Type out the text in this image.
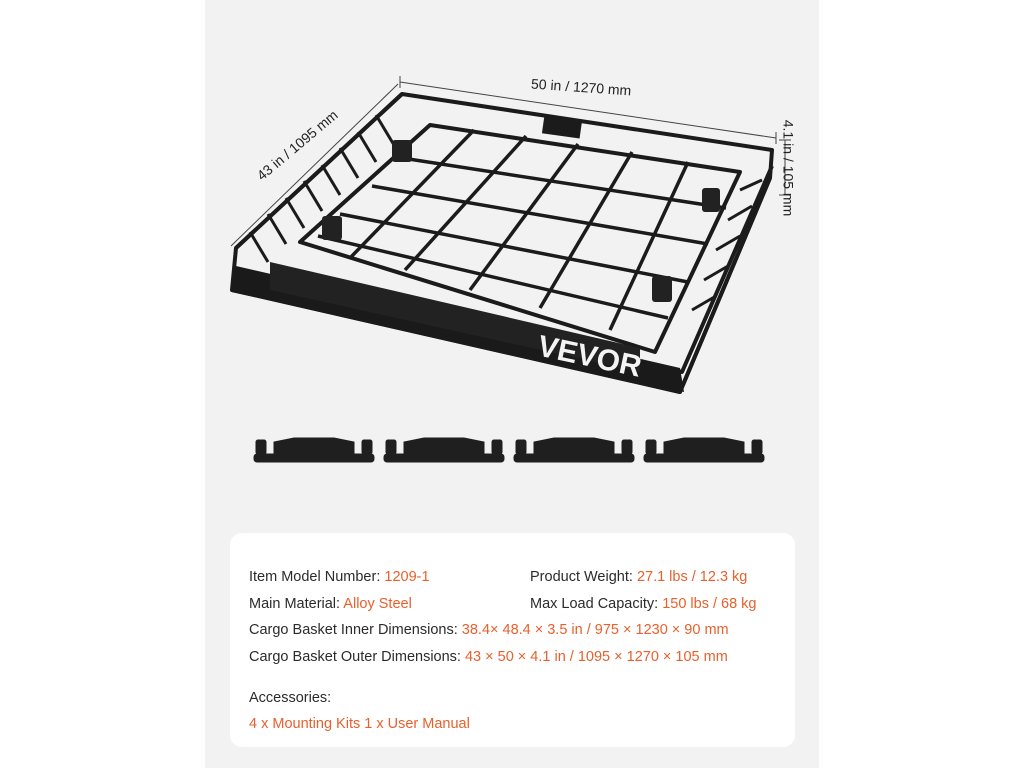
VEVOR
50 in / 1270 mm
43 in / 1095 mm	4.1 in / 105 mm
Item Model Number: 1209-1	Product Weight: 27.1 lbs / 12.3 kg
Main Material: Alloy Steel	Max Load Capacity: 150 lbs / 68 kg
Cargo Basket Inner Dimensions: 38.4× 48.4 × 3.5 in / 975 × 1230 × 90 mm
Cargo Basket Outer Dimensions: 43 × 50 × 4.1 in / 1095 × 1270 × 105 mm
Accessories:
4 x Mounting Kits 1 x User Manual
